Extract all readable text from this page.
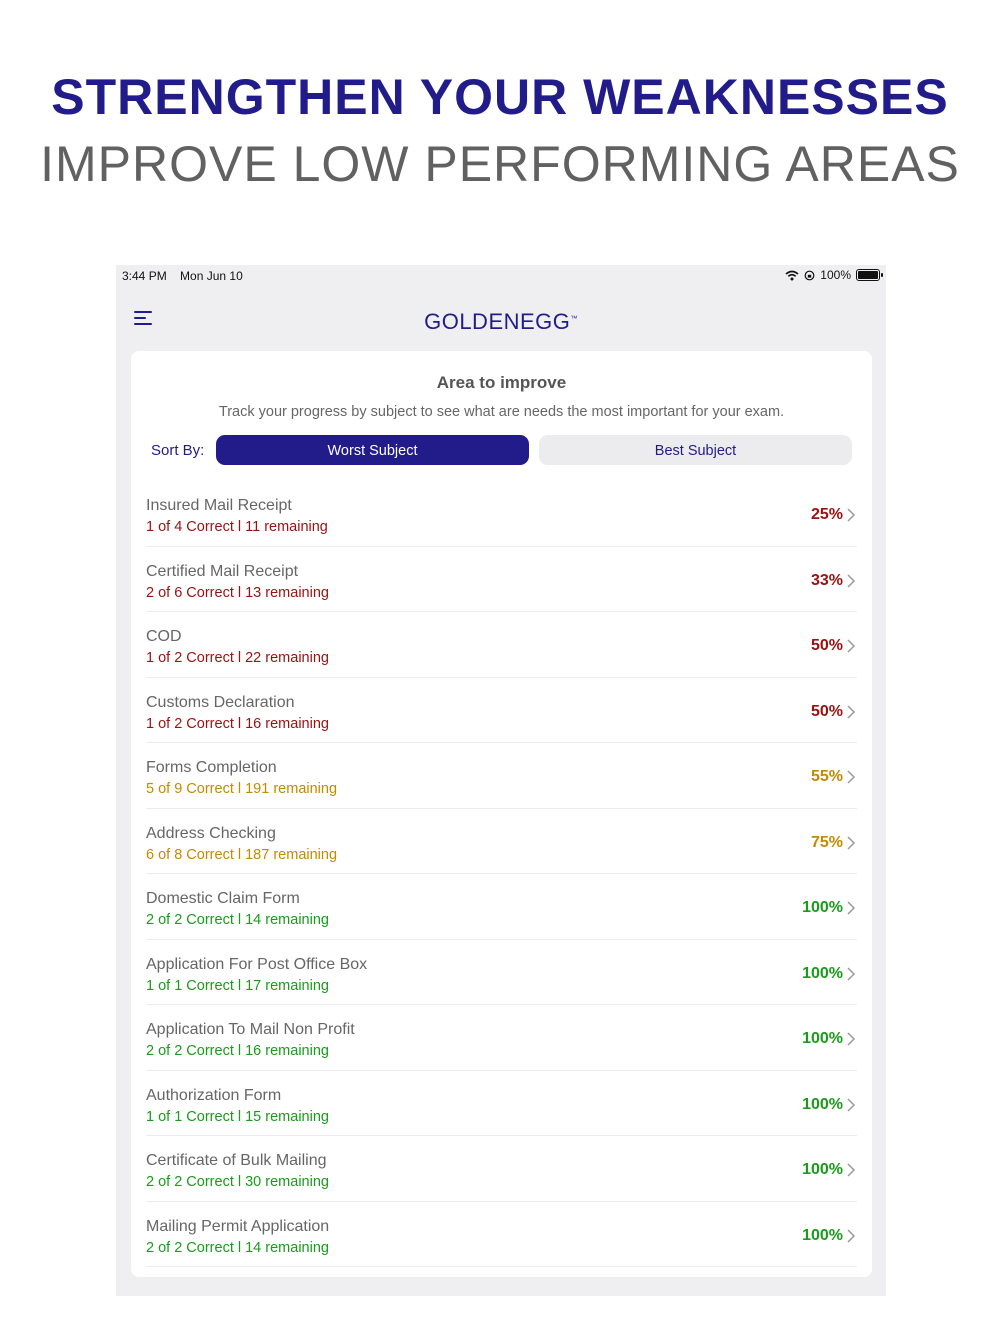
STRENGTHEN YOUR WEAKNESSES
IMPROVE LOW PERFORMING AREAS
3:44 PM Mon Jun 10	100%
GOLDENEGG™
Area to improve
Track your progress by subject to see what are needs the most important for your exam.
Sort By:	Worst Subject	Best Subject
Insured Mail Receipt
1 of 4 Correct l 11 remaining
25%
Certified Mail Receipt
2 of 6 Correct l 13 remaining
33%
COD
1 of 2 Correct l 22 remaining
50%
Customs Declaration
1 of 2 Correct l 16 remaining
50%
Forms Completion
5 of 9 Correct l 191 remaining
55%
Address Checking
6 of 8 Correct l 187 remaining
75%
Domestic Claim Form
2 of 2 Correct l 14 remaining
100%
Application For Post Office Box
1 of 1 Correct l 17 remaining
100%
Application To Mail Non Profit
2 of 2 Correct l 16 remaining
100%
Authorization Form
1 of 1 Correct l 15 remaining
100%
Certificate of Bulk Mailing
2 of 2 Correct l 30 remaining
100%
Mailing Permit Application
2 of 2 Correct l 14 remaining
100%
